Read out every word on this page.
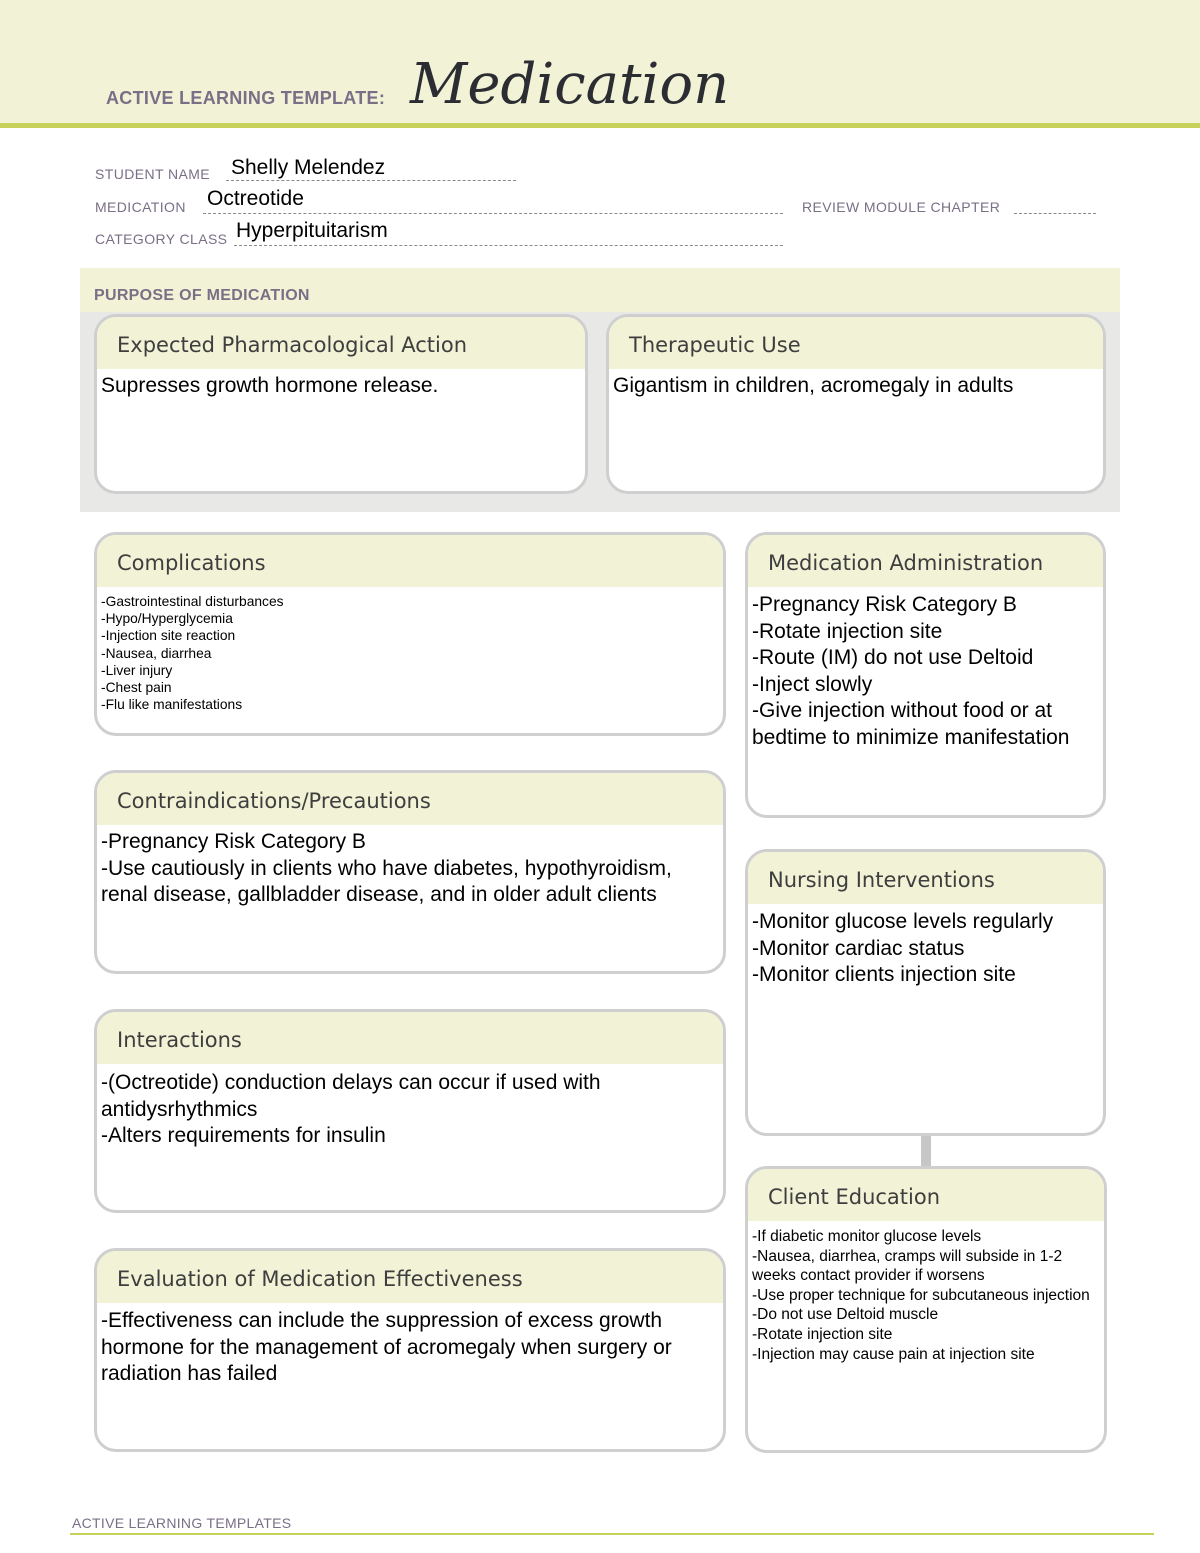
ACTIVE LEARNING TEMPLATE: Medication
STUDENT NAME Shelly Melendez
MEDICATION Octreotide	REVIEW MODULE CHAPTER
CATEGORY CLASS Hyperpituitarism
PURPOSE OF MEDICATION
Expected Pharmacological Action
Supresses growth hormone release.
Therapeutic Use
Gigantism in children, acromegaly in adults
Complications
-Gastrointestinal disturbances
-Hypo/Hyperglycemia
-Injection site reaction
-Nausea, diarrhea
-Liver injury
-Chest pain
-Flu like manifestations
Contraindications/Precautions
-Pregnancy Risk Category B
-Use cautiously in clients who have diabetes, hypothyroidism, renal disease, gallbladder disease, and in older adult clients
Interactions
-(Octreotide) conduction delays can occur if used with antidysrhythmics
-Alters requirements for insulin
Evaluation of Medication Effectiveness
-Effectiveness can include the suppression of excess growth hormone for the management of acromegaly when surgery or radiation has failed
Medication Administration
-Pregnancy Risk Category B
-Rotate injection site
-Route (IM) do not use Deltoid
-Inject slowly
-Give injection without food or at bedtime to minimize manifestation
Nursing Interventions
-Monitor glucose levels regularly
-Monitor cardiac status
-Monitor clients injection site
Client Education
-If diabetic monitor glucose levels
-Nausea, diarrhea, cramps will subside in 1-2 weeks contact provider if worsens
-Use proper technique for subcutaneous injection
-Do not use Deltoid muscle
-Rotate injection site
-Injection may cause pain at injection site
ACTIVE LEARNING TEMPLATES
